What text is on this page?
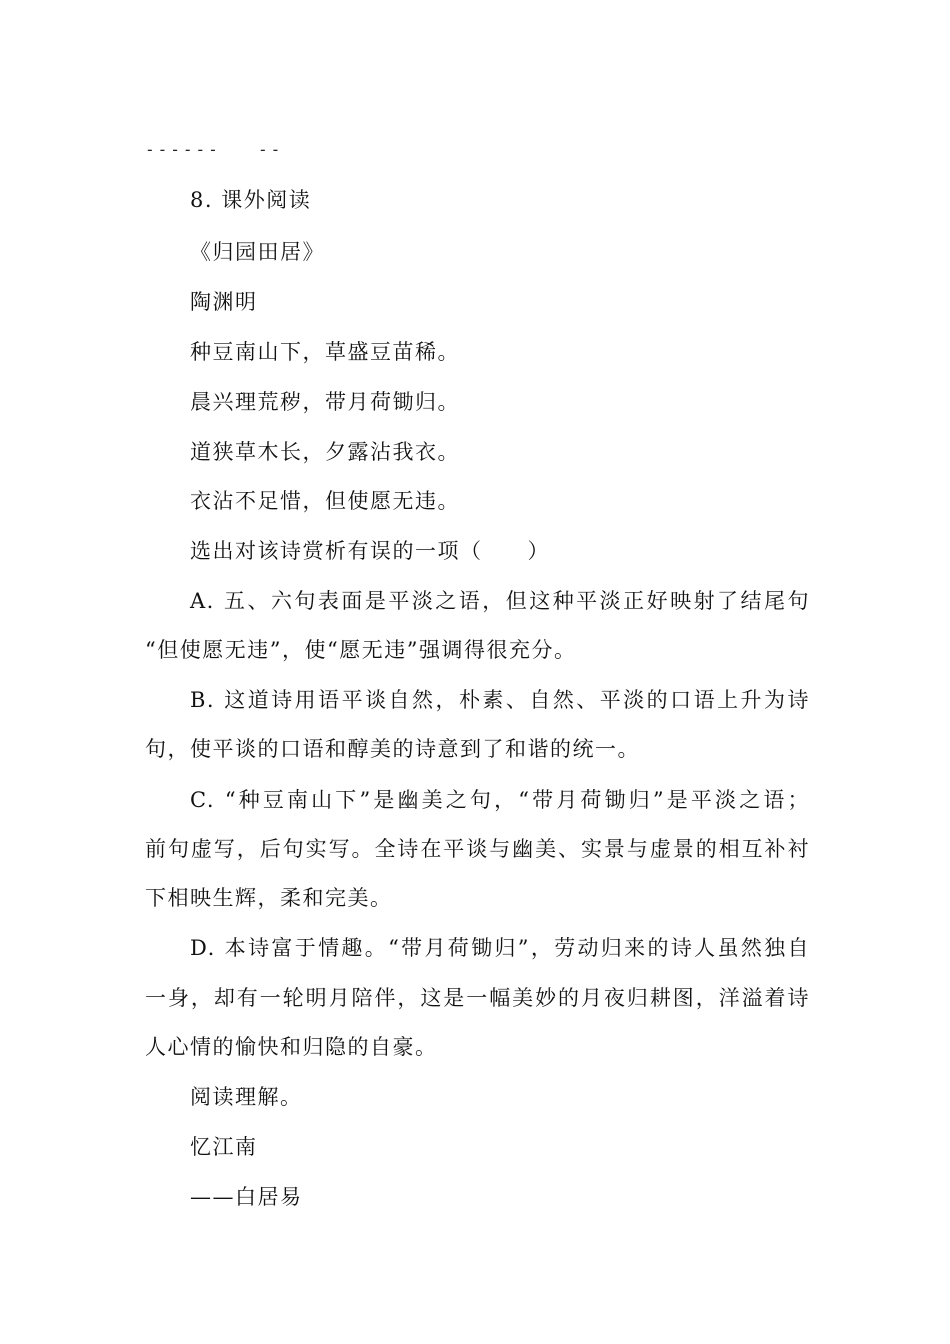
------ --
8. 课外阅读
《归园田居》
陶渊明
种豆南山下，草盛豆苗稀。
晨兴理荒秽，带月荷锄归。
道狭草木长，夕露沾我衣。
衣沾不足惜，但使愿无违。
选出对该诗赏析有误的一项（　　）
A. 五、六句表面是平淡之语，但这种平淡正好映射了结尾句
“但使愿无违”，使“愿无违”强调得很充分。
B. 这道诗用语平谈自然，朴素、自然、平淡的口语上升为诗
句，使平谈的口语和醇美的诗意到了和谐的统一。
C. “种豆南山下”是幽美之句，“带月荷锄归”是平淡之语；
前句虚写，后句实写。全诗在平谈与幽美、实景与虚景的相互补衬
下相映生辉，柔和完美。
D. 本诗富于情趣。“带月荷锄归”，劳动归来的诗人虽然独自
一身，却有一轮明月陪伴，这是一幅美妙的月夜归耕图，洋溢着诗
人心情的愉快和归隐的自豪。
阅读理解。
忆江南
——白居易
